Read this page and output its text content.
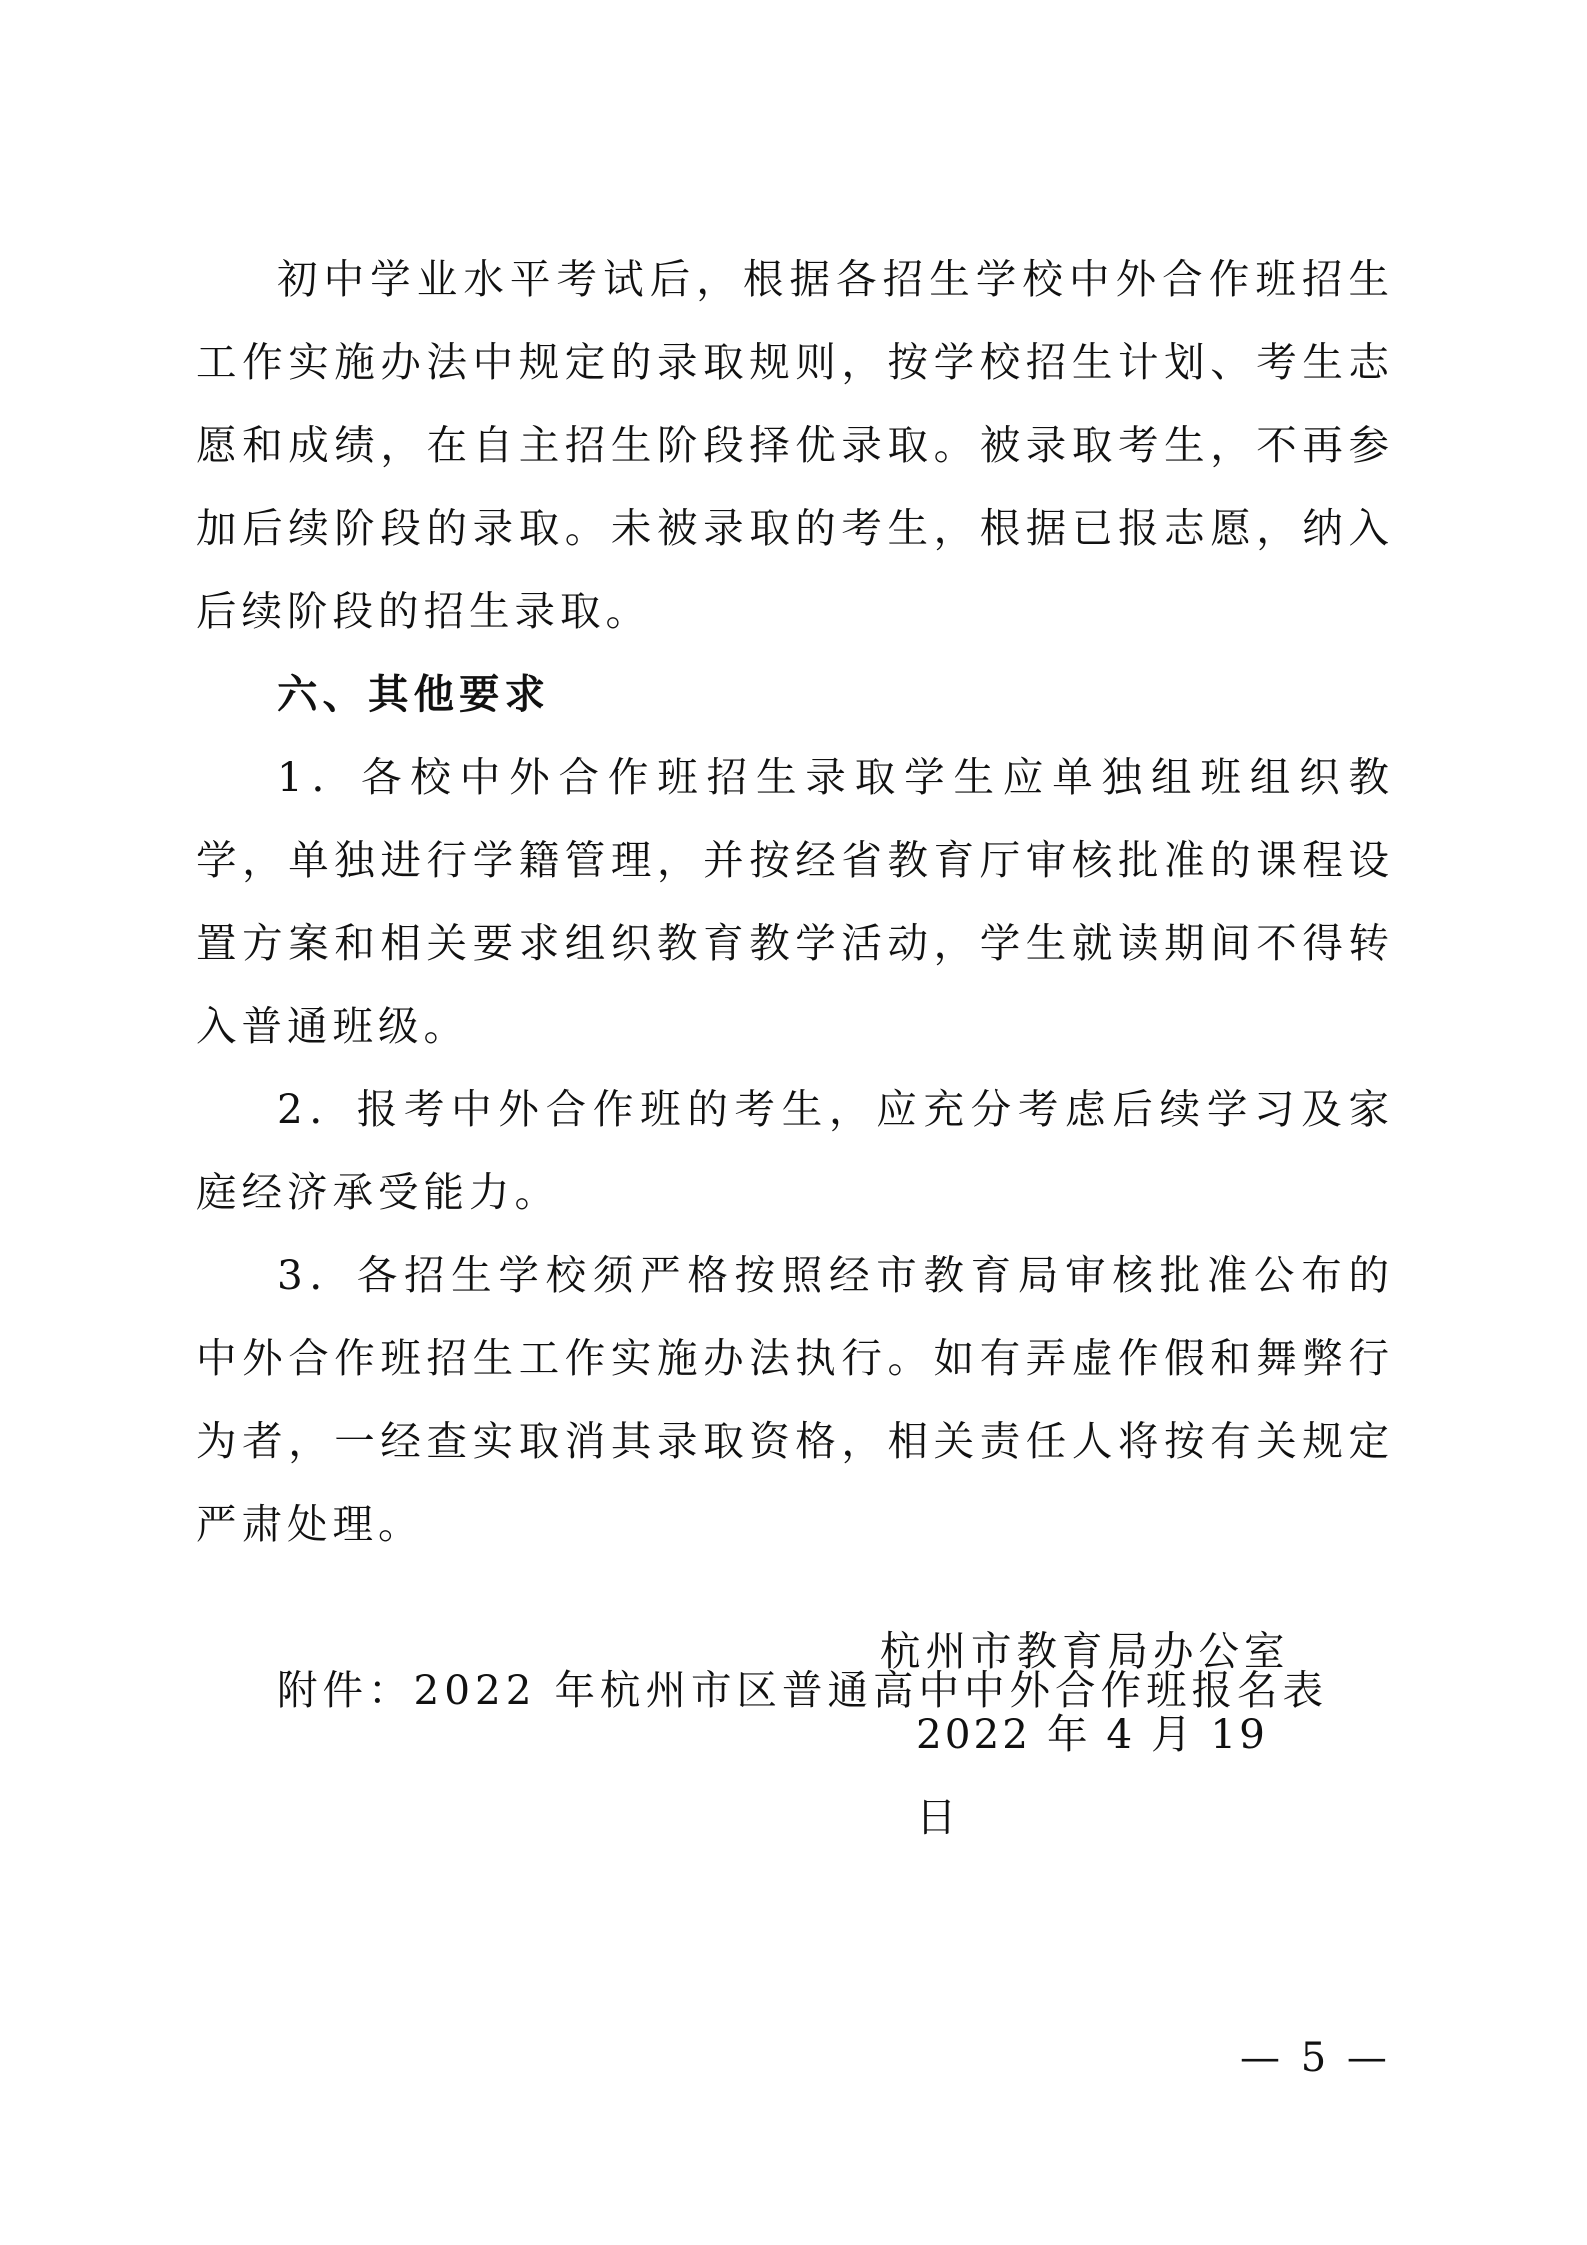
初中学业水平考试后，根据各招生学校中外合作班招生工作实施办法中规定的录取规则，按学校招生计划、考生志愿和成绩，在自主招生阶段择优录取。被录取考生，不再参加后续阶段的录取。未被录取的考生，根据已报志愿，纳入后续阶段的招生录取。

六、其他要求

1．各校中外合作班招生录取学生应单独组班组织教学，单独进行学籍管理，并按经省教育厅审核批准的课程设置方案和相关要求组织教育教学活动，学生就读期间不得转入普通班级。

2．报考中外合作班的考生，应充分考虑后续学习及家庭经济承受能力。

3．各招生学校须严格按照经市教育局审核批准公布的中外合作班招生工作实施办法执行。如有弄虚作假和舞弊行为者，一经查实取消其录取资格，相关责任人将按有关规定严肃处理。

附件：2022 年杭州市区普通高中中外合作班报名表

杭州市教育局办公室

2022 年 4 月 19 日

— 5 —
